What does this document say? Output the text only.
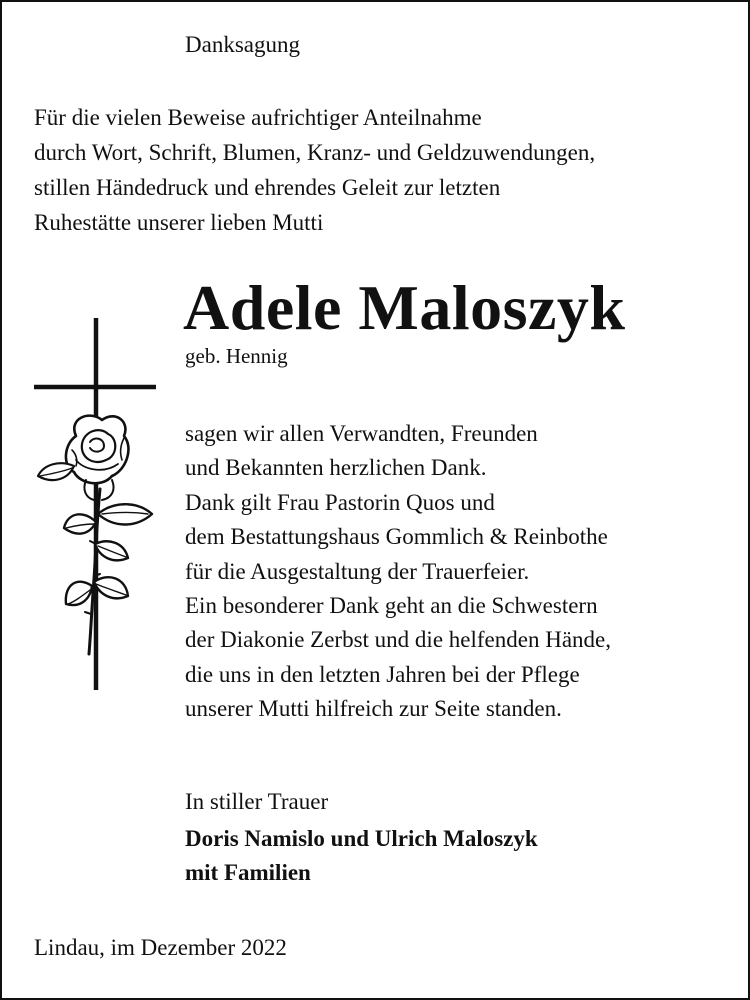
Danksagung

Für die vielen Beweise aufrichtiger Anteilnahme
durch Wort, Schrift, Blumen, Kranz- und Geldzuwendungen,
stillen Händedruck und ehrendes Geleit zur letzten
Ruhestätte unserer lieben Mutti

Adele Maloszyk

geb. Hennig

sagen wir allen Verwandten, Freunden
und Bekannten herzlichen Dank.
Dank gilt Frau Pastorin Quos und
dem Bestattungshaus Gommlich & Reinbothe
für die Ausgestaltung der Trauerfeier.
Ein besonderer Dank geht an die Schwestern
der Diakonie Zerbst und die helfenden Hände,
die uns in den letzten Jahren bei der Pflege
unserer Mutti hilfreich zur Seite standen.

In stiller Trauer

Doris Namislo und Ulrich Maloszyk
mit Familien

Lindau, im Dezember 2022
